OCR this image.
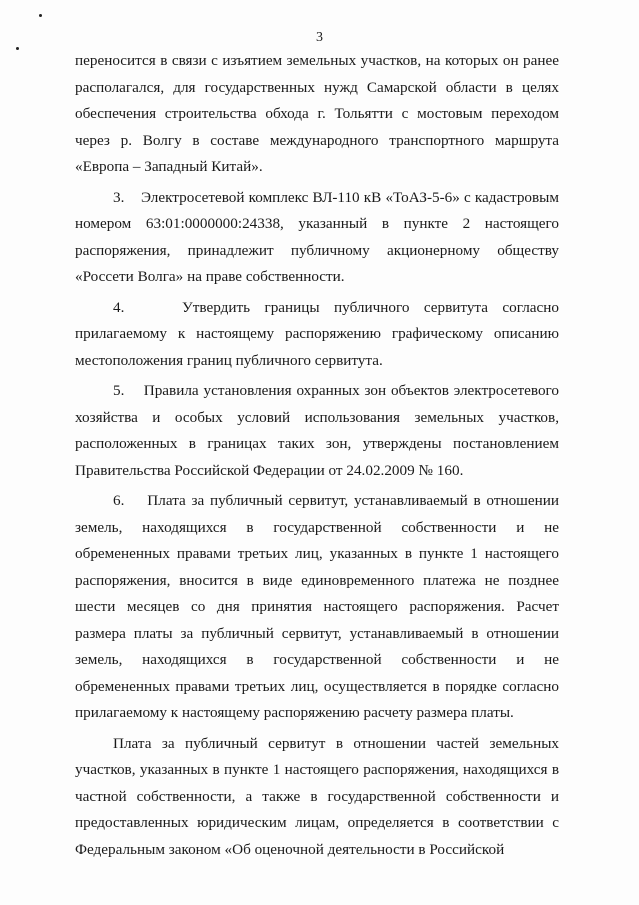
3

переносится в связи с изъятием земельных участков, на которых он ранее располагался, для государственных нужд Самарской области в целях обеспечения строительства обхода г. Тольятти с мостовым переходом через р. Волгу в составе международного транспортного маршрута «Европа – Западный Китай».

3.    Электросетевой комплекс ВЛ-110 кВ «ТоАЗ-5-6» с кадастровым номером 63:01:0000000:24338, указанный в пункте 2 настоящего распоряжения, принадлежит публичному акционерному обществу «Россети Волга» на праве собственности.

4.    Утвердить границы публичного сервитута согласно прилагаемому к настоящему распоряжению графическому описанию местоположения границ публичного сервитута.

5.    Правила установления охранных зон объектов электросетевого хозяйства и особых условий использования земельных участков, расположенных в границах таких зон, утверждены постановлением Правительства Российской Федерации от 24.02.2009 № 160.

6.    Плата за публичный сервитут, устанавливаемый в отношении земель, находящихся в государственной собственности и не обремененных правами третьих лиц, указанных в пункте 1 настоящего распоряжения, вносится в виде единовременного платежа не позднее шести месяцев со дня принятия настоящего распоряжения. Расчет размера платы за публичный сервитут, устанавливаемый в отношении земель, находящихся в государственной собственности и не обремененных правами третьих лиц, осуществляется в порядке согласно прилагаемому к настоящему распоряжению расчету размера платы.

Плата за публичный сервитут в отношении частей земельных участков, указанных в пункте 1 настоящего распоряжения, находящихся в частной собственности, а также в государственной собственности и предоставленных юридическим лицам, определяется в соответствии с Федеральным законом «Об оценочной деятельности в Российской
